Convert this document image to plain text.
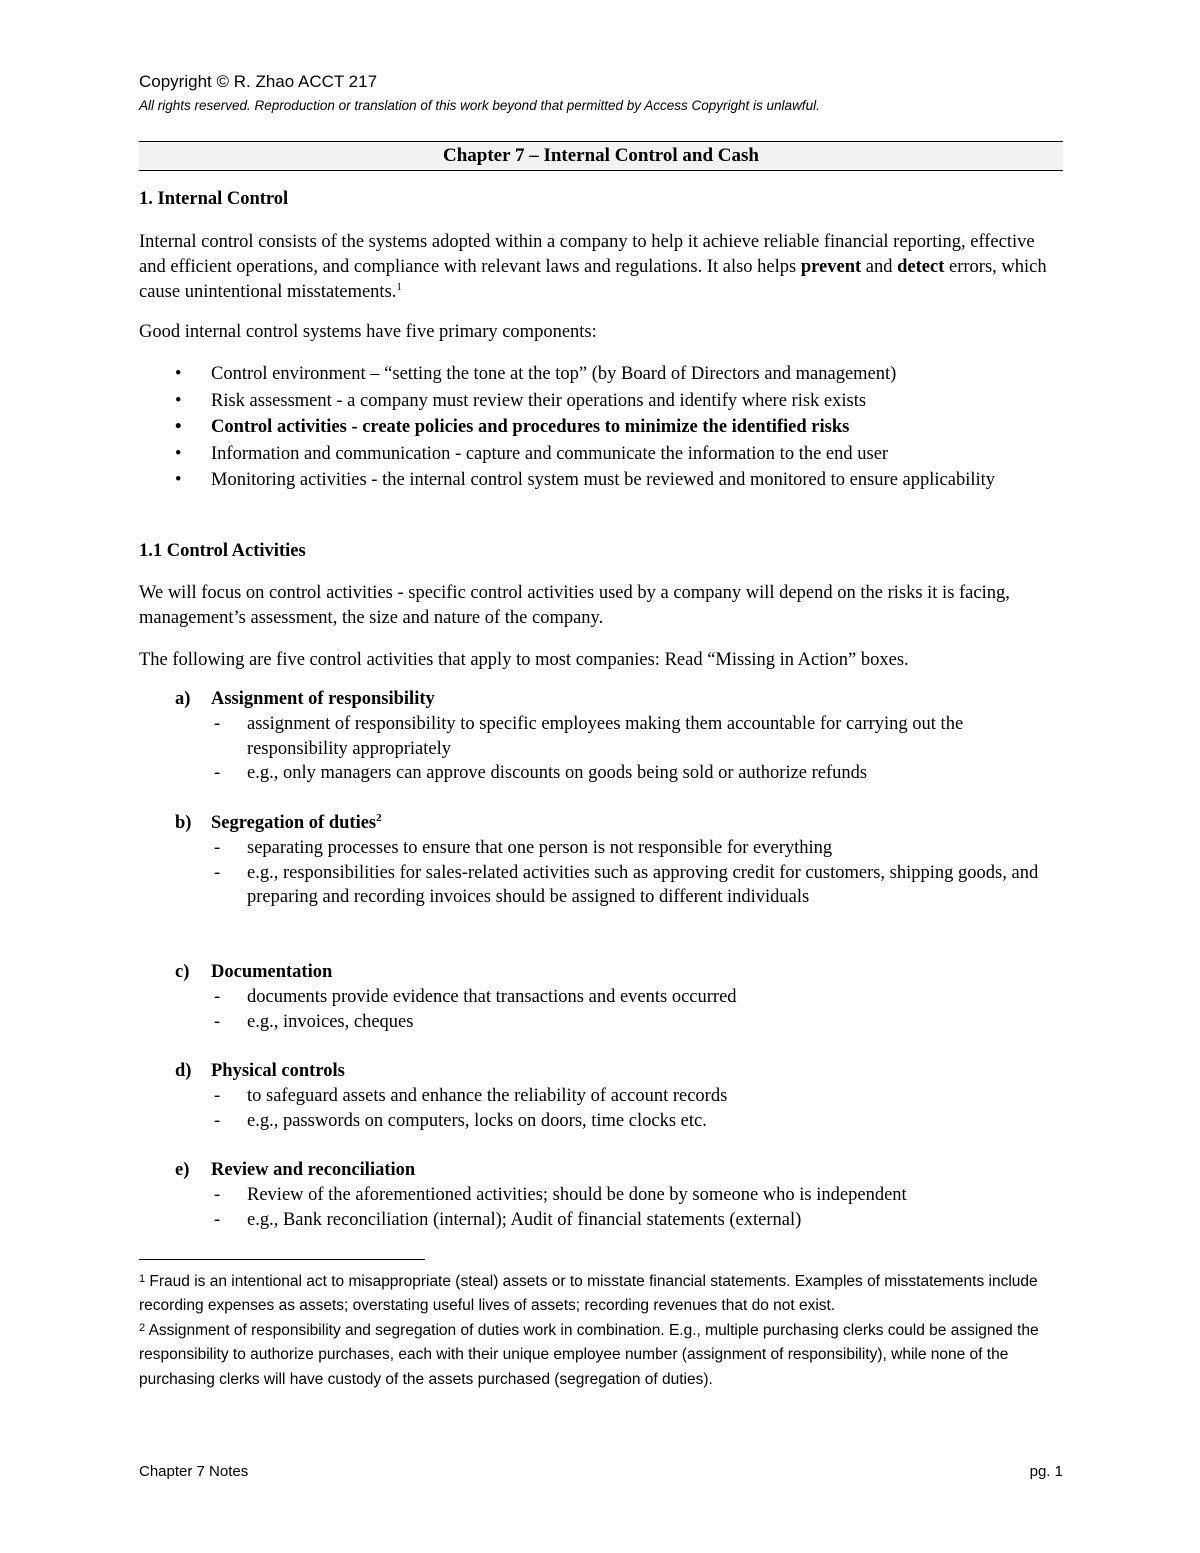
Copyright © R. Zhao ACCT 217
All rights reserved. Reproduction or translation of this work beyond that permitted by Access Copyright is unlawful.
Chapter 7 – Internal Control and Cash
1. Internal Control
Internal control consists of the systems adopted within a company to help it achieve reliable financial reporting, effective and efficient operations, and compliance with relevant laws and regulations. It also helps prevent and detect errors, which cause unintentional misstatements.$^1$
Good internal control systems have five primary components:
• Control environment – “setting the tone at the top” (by Board of Directors and management)
• Risk assessment - a company must review their operations and identify where risk exists
• Control activities - create policies and procedures to minimize the identified risks
• Information and communication - capture and communicate the information to the end user
• Monitoring activities - the internal control system must be reviewed and monitored to ensure applicability
1.1 Control Activities
We will focus on control activities - specific control activities used by a company will depend on the risks it is facing, management’s assessment, the size and nature of the company.
The following are five control activities that apply to most companies: Read “Missing in Action” boxes.
a) Assignment of responsibility
- assignment of responsibility to specific employees making them accountable for carrying out the responsibility appropriately
- e.g., only managers can approve discounts on goods being sold or authorize refunds
b) Segregation of duties$^2$
- separating processes to ensure that one person is not responsible for everything
- e.g., responsibilities for sales-related activities such as approving credit for customers, shipping goods, and preparing and recording invoices should be assigned to different individuals
c) Documentation
- documents provide evidence that transactions and events occurred
- e.g., invoices, cheques
d) Physical controls
- to safeguard assets and enhance the reliability of account records
- e.g., passwords on computers, locks on doors, time clocks etc.
e) Review and reconciliation
- Review of the aforementioned activities; should be done by someone who is independent
- e.g., Bank reconciliation (internal); Audit of financial statements (external)
$^1$ Fraud is an intentional act to misappropriate (steal) assets or to misstate financial statements. Examples of misstatements include recording expenses as assets; overstating useful lives of assets; recording revenues that do not exist.
$^2$ Assignment of responsibility and segregation of duties work in combination. E.g., multiple purchasing clerks could be assigned the responsibility to authorize purchases, each with their unique employee number (assignment of responsibility), while none of the purchasing clerks will have custody of the assets purchased (segregation of duties).
Chapter 7 Notes	pg. 1
